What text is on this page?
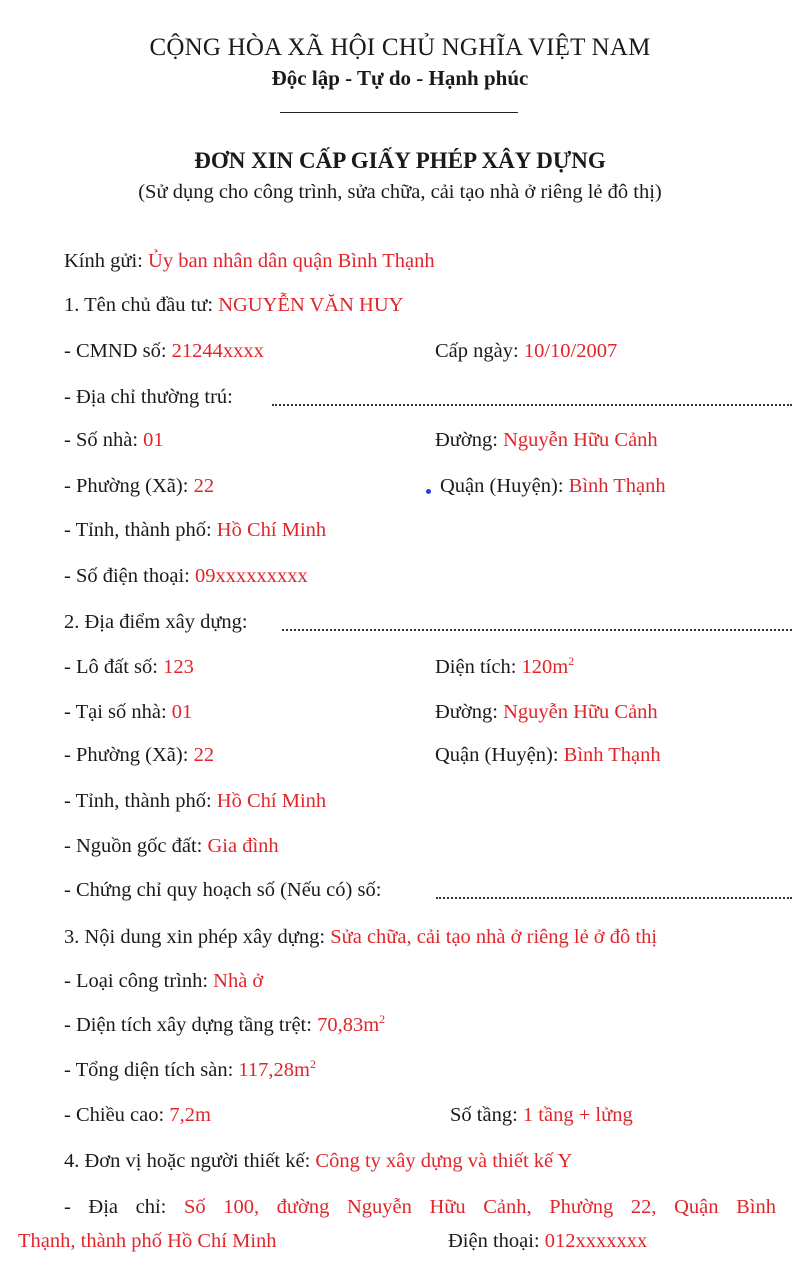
CỘNG HÒA XÃ HỘI CHỦ NGHĨA VIỆT NAM
Độc lập - Tự do - Hạnh phúc
ĐƠN XIN CẤP GIẤY PHÉP XÂY DỰNG
(Sử dụng cho công trình, sửa chữa, cải tạo nhà ở riêng lẻ đô thị)
Kính gửi: Ủy ban nhân dân quận Bình Thạnh
1. Tên chủ đầu tư: NGUYỄN VĂN HUY
- CMND số: 21244xxxx	Cấp ngày: 10/10/2007
- Địa chỉ thường trú:
- Số nhà: 01	Đường: Nguyễn Hữu Cảnh
- Phường (Xã): 22	Quận (Huyện): Bình Thạnh
- Tỉnh, thành phố: Hồ Chí Minh
- Số điện thoại: 09xxxxxxxxx
2. Địa điểm xây dựng:
- Lô đất số: 123	Diện tích: $120m^2$
- Tại số nhà: 01	Đường: Nguyễn Hữu Cảnh
- Phường (Xã): 22	Quận (Huyện): Bình Thạnh
- Tỉnh, thành phố: Hồ Chí Minh
- Nguồn gốc đất: Gia đình
- Chứng chỉ quy hoạch số (Nếu có) số:
3. Nội dung xin phép xây dựng: Sửa chữa, cải tạo nhà ở riêng lẻ ở đô thị
- Loại công trình: Nhà ở
- Diện tích xây dựng tầng trệt: $70,83m^2$
- Tổng diện tích sàn: $117,28m^2$
- Chiều cao: 7,2m	Số tầng: 1 tầng + lửng
4. Đơn vị hoặc người thiết kế: Công ty xây dựng và thiết kế Y
- Địa chỉ: Số 100, đường Nguyễn Hữu Cảnh, Phường 22, Quận Bình
Thạnh, thành phố Hồ Chí Minh	Điện thoại: 012xxxxxxx
